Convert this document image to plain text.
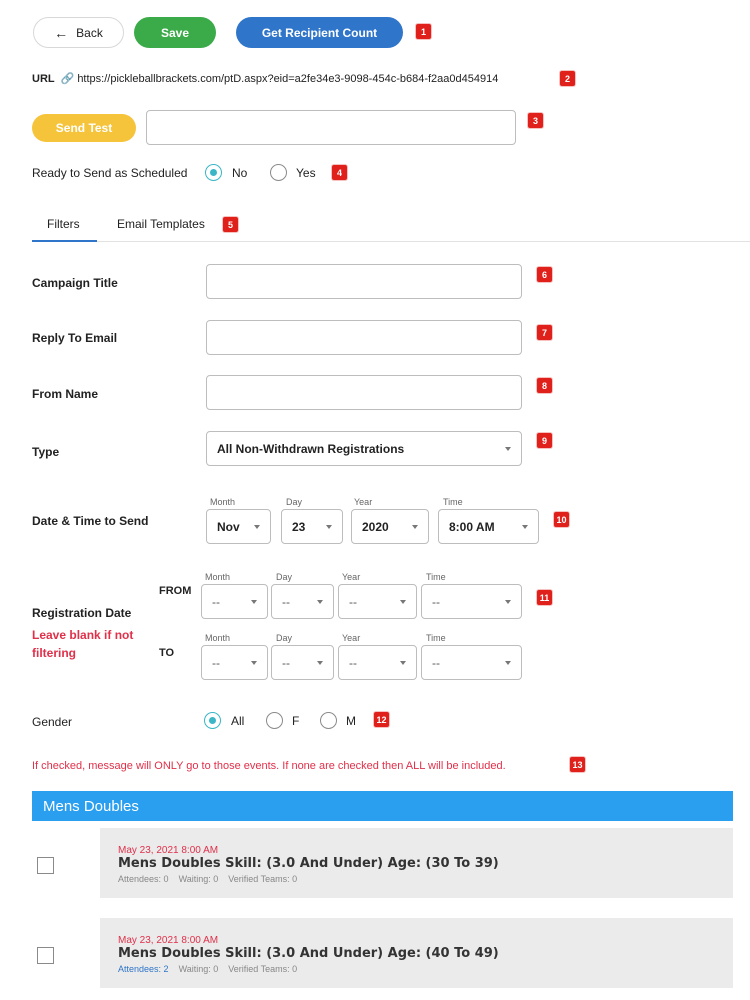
← Back	Save	Get Recipient Count	1
URL 🔗 https://pickleballbrackets.com/ptD.aspx?eid=a2fe34e3-9098-454c-b684-f2aa0d454914	2
Send Test
3
Ready to Send as Scheduled	No	Yes	4
Filters	Email Templates	5
Campaign Title
6
Reply To Email	7
From Name
8
Type	All Non-Withdrawn Registrations
9
Date & Time to Send
Month	Day	Year	Time
Nov	23	2020	8:00 AM	10
Registration Date
Leave blank if not filtering
FROM
TO
Month	Day	Year	Time
--	--	--	--	11
Month	Day	Year	Time
--	--	--	--
Gender	All	F	M 12
If checked, message will ONLY go to those events. If none are checked then ALL will be included.	13
Mens Doubles
May 23, 2021 8:00 AM
Mens Doubles Skill: (3.0 And Under) Age: (30 To 39)
Attendees: 0 Waiting: 0 Verified Teams: 0
May 23, 2021 8:00 AM
Mens Doubles Skill: (3.0 And Under) Age: (40 To 49)
Attendees: 2 Waiting: 0 Verified Teams: 0
